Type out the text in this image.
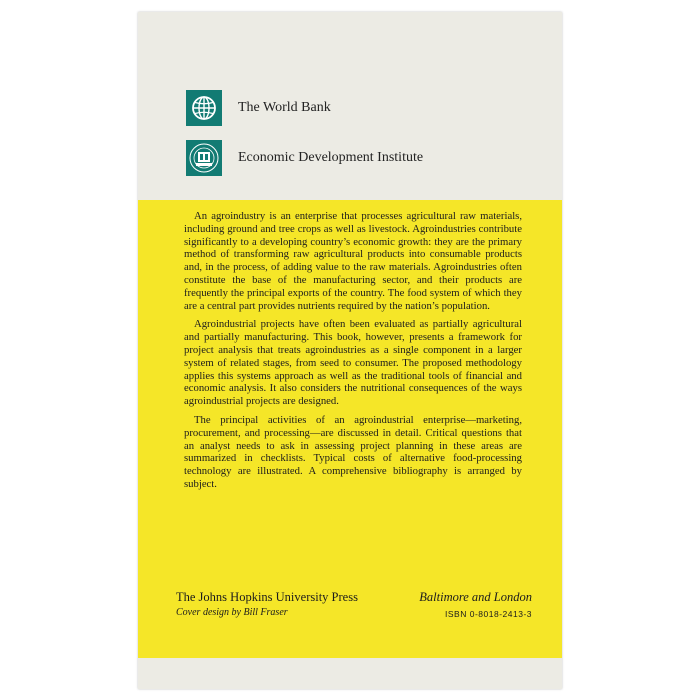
The World Bank
Economic Development Institute

An agroindustry is an enterprise that processes agricultural raw materials, including ground and tree crops as well as livestock. Agroindustries contribute significantly to a developing country’s economic growth: they are the primary method of transforming raw agricultural products into consumable products and, in the process, of adding value to the raw materials. Agroindustries often constitute the base of the manufacturing sector, and their products are frequently the principal exports of the country. The food system of which they are a central part provides nutrients required by the nation’s population.

Agroindustrial projects have often been evaluated as partially agricultural and partially manufacturing. This book, however, presents a framework for project analysis that treats agroindustries as a single component in a larger system of related stages, from seed to consumer. The proposed methodology applies this systems approach as well as the traditional tools of financial and economic analysis. It also considers the nutritional consequences of the ways agroindustrial projects are designed.

The principal activities of an agroindustrial enterprise—marketing, procurement, and processing—are discussed in detail. Critical questions that an analyst needs to ask in assessing project planning in these areas are summarized in checklists. Typical costs of alternative food-processing technology are illustrated. A comprehensive bibliography is arranged by subject.

The Johns Hopkins University Press	Baltimore and London
Cover design by Bill Fraser	ISBN 0-8018-2413-3
